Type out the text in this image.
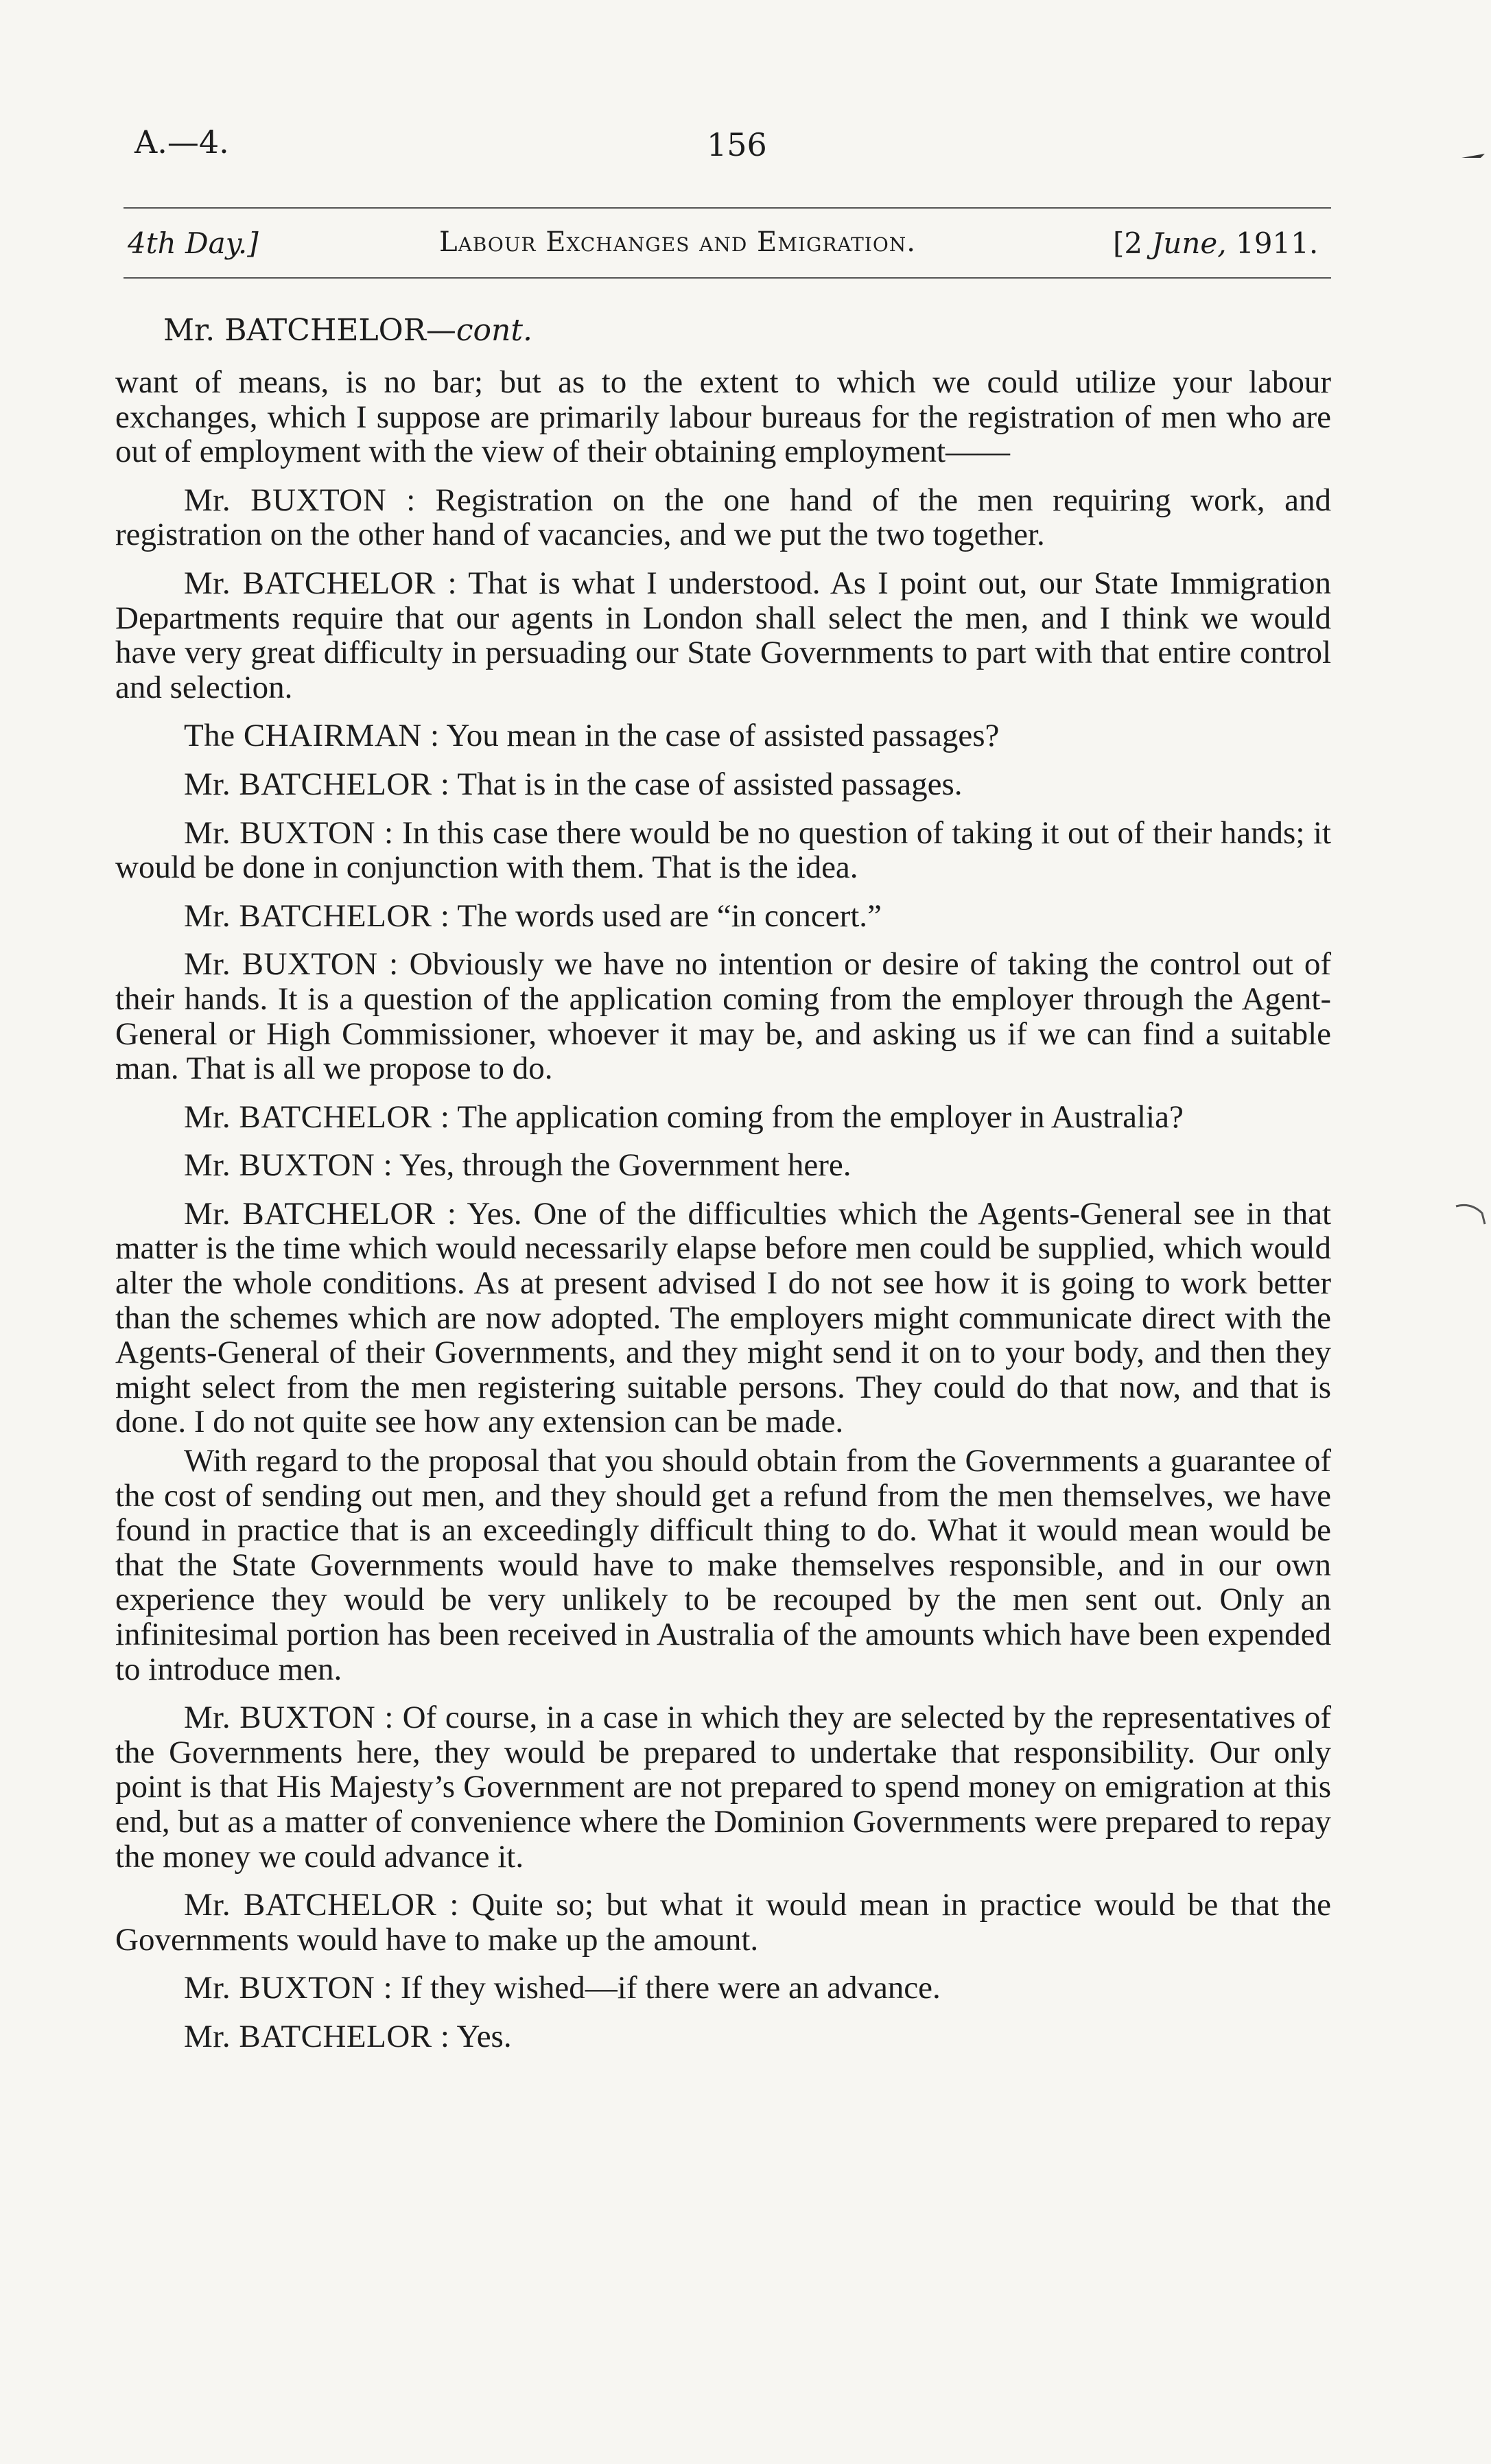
A.—4.	156
4th Day.]	Labour Exchanges and Emigration.	[2 June, 1911.
Mr. BATCHELOR—cont.

want of means, is no bar; but as to the extent to which we could utilize your labour exchanges, which I suppose are primarily labour bureaus for the registration of men who are out of employment with the view of their obtaining employment——

Mr. BUXTON : Registration on the one hand of the men requiring work, and registration on the other hand of vacancies, and we put the two together.

Mr. BATCHELOR : That is what I understood. As I point out, our State Immigration Departments require that our agents in London shall select the men, and I think we would have very great difficulty in persuading our State Governments to part with that entire control and selection.

The CHAIRMAN : You mean in the case of assisted passages?

Mr. BATCHELOR : That is in the case of assisted passages.

Mr. BUXTON : In this case there would be no question of taking it out of their hands; it would be done in conjunction with them. That is the idea.

Mr. BATCHELOR : The words used are “in concert.”

Mr. BUXTON : Obviously we have no intention or desire of taking the control out of their hands. It is a question of the application coming from the employer through the Agent-General or High Commissioner, whoever it may be, and asking us if we can find a suitable man. That is all we propose to do.

Mr. BATCHELOR : The application coming from the employer in Australia?

Mr. BUXTON : Yes, through the Government here.

Mr. BATCHELOR : Yes. One of the difficulties which the Agents-General see in that matter is the time which would necessarily elapse before men could be supplied, which would alter the whole conditions. As at present advised I do not see how it is going to work better than the schemes which are now adopted. The employers might communicate direct with the Agents-General of their Governments, and they might send it on to your body, and then they might select from the men registering suitable persons. They could do that now, and that is done. I do not quite see how any extension can be made.

With regard to the proposal that you should obtain from the Governments a guarantee of the cost of sending out men, and they should get a refund from the men themselves, we have found in practice that is an exceedingly difficult thing to do. What it would mean would be that the State Governments would have to make themselves responsible, and in our own experience they would be very unlikely to be recouped by the men sent out. Only an infinitesimal portion has been received in Australia of the amounts which have been expended to introduce men.

Mr. BUXTON : Of course, in a case in which they are selected by the representatives of the Governments here, they would be prepared to undertake that responsibility. Our only point is that His Majesty’s Government are not prepared to spend money on emigration at this end, but as a matter of convenience where the Dominion Governments were prepared to repay the money we could advance it.

Mr. BATCHELOR : Quite so; but what it would mean in practice would be that the Governments would have to make up the amount.

Mr. BUXTON : If they wished—if there were an advance.

Mr. BATCHELOR : Yes.
